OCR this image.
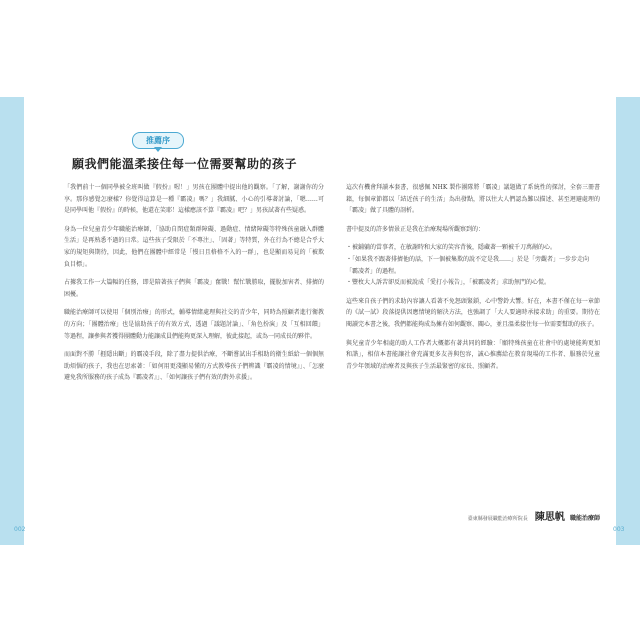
推薦序
願我們能溫柔接住每一位需要幫助的孩子

「我們前十一個同學被全班叫做『假扮』喔！」男孩在團體中提出他的觀察。「了解，謝謝你的分享。那你感覺怎麼樣？你覺得這算是一種『霸凌』嗎？」我細膩、小心的引導著討論，「嗯……可是同學叫他『假扮』的時候，他還在笑耶！這樣應該不算『霸凌』吧？」男孩試著有些疑惑。

身為一位兒童青少年職能治療師，「協助自閉症類群障礙、過動症、情緒障礙等特殊孩童融入群體生活」是再熟悉不過的日常。這些孩子受限於「不專注」、「固著」等特質，外在行為不總是合乎大家的規矩與期待，因此，他們在團體中經常是「慢日且格格不入的一群」，也是顯而易見的「被欺負目標」。

占據我工作一大篇幅的任務，即是陪著孩子們與「霸凌」奮戰！幫忙戰勝取，擺脫加害者、排擠的困擾。

職能治療師可以使用「個別治療」的形式，輔導情緒處理與社交的青少年，同時為照顧者進行衛教的方向；「團體治療」也是協助孩子的有效方式，透過「議題討論」、「角色扮演」及「互相回饋」等過程，讓參與者獲得團體動力能讓成員們能夠更深入理解，彼此接起，或為一同成長的夥伴。

而面對不勝「捱隱出斷」的霸凌手段，除了盡力提供治療，不斷嘗試出手相助的衛生紙給一個個無助煩惱的孩子，我也在思索著：「如何用更淺顯易懂的方式教導孩子們辨識『霸凌的情境』」、「怎麼避免我所服務的孩子成為『霸凌者』」、「如何讓孩子們有效的對外求援」。

這次有機會拜讀本套書，很感佩 NHK 製作團隊將「霸凌」議題做了系統性的探討，全套三冊書籍，每個章節都以「結近孩子的生活」為出發點，將以往大人們認為難以描述、甚至迴避處理的「霸凌」做了具體的剖析。

書中提及的許多情景正是我在治療現場所觀察到的：

・被鋪躺的當事者，在敏謝時和大家的笑容背後，隱藏著一顆被千刀萬剮的心。
・「如果我不跟著排擠他的話，下一個被集欺的說不定是我……」於是「旁觀者」一步步走向「霸凌者」的過程。
・豐枚大人訴苦卻反而被說成「愛打小報告」，「被霸凌者」求助無門的心慌。

這些來自孩子們的求助內容讓人看著不免怒頭緊鎖，心中警鈴大響。好在，本書不僅在每一章節的《試一試》段落提供因應情境的解決方法，也強調了「大人要適時承接求助」的重要。期待在閱讀完本書之後，我們都能夠成為擁有如何觀察、關心，並且溫柔接住每一位需要幫助的孩子。

與兒童青少年相處的助人工作者大概都有著共同的經驗：「願特殊孩童在社會中的處境能夠更加和諧」，相信本書能讓社會充滿更多友善與包容，誠心推薦給在教育現場的工作者、服務於兒童青少年領域的治療者及與孩子生活最緊密的家長、照顧者。

臺東縣發展職能治療所院長 陳思帆 職能治療師
002	003
